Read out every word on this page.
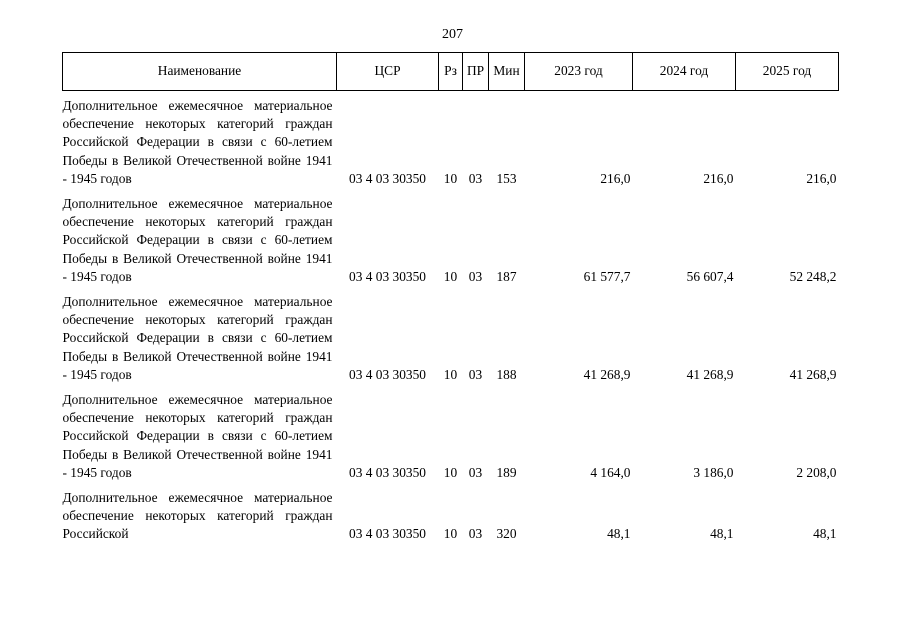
207
Наименование	ЦСР	Рз	ПР	Мин	2023 год	2024 год	2025 год
Дополнительное ежемесячное материальное обеспечение некоторых категорий граждан Российской Федерации в связи с 60-летием Победы в Великой Отечественной войне 1941 - 1945 годов	03 4 03 30350	10	03	153	216,0	216,0	216,0
Дополнительное ежемесячное материальное обеспечение некоторых категорий граждан Российской Федерации в связи с 60-летием Победы в Великой Отечественной войне 1941 - 1945 годов	03 4 03 30350	10	03	187	61 577,7	56 607,4	52 248,2
Дополнительное ежемесячное материальное обеспечение некоторых категорий граждан Российской Федерации в связи с 60-летием Победы в Великой Отечественной войне 1941 - 1945 годов	03 4 03 30350	10	03	188	41 268,9	41 268,9	41 268,9
Дополнительное ежемесячное материальное обеспечение некоторых категорий граждан Российской Федерации в связи с 60-летием Победы в Великой Отечественной войне 1941 - 1945 годов	03 4 03 30350	10	03	189	4 164,0	3 186,0	2 208,0
Дополнительное ежемесячное материальное обеспечение некоторых категорий граждан Российской	03 4 03 30350	10	03	320	48,1	48,1	48,1
